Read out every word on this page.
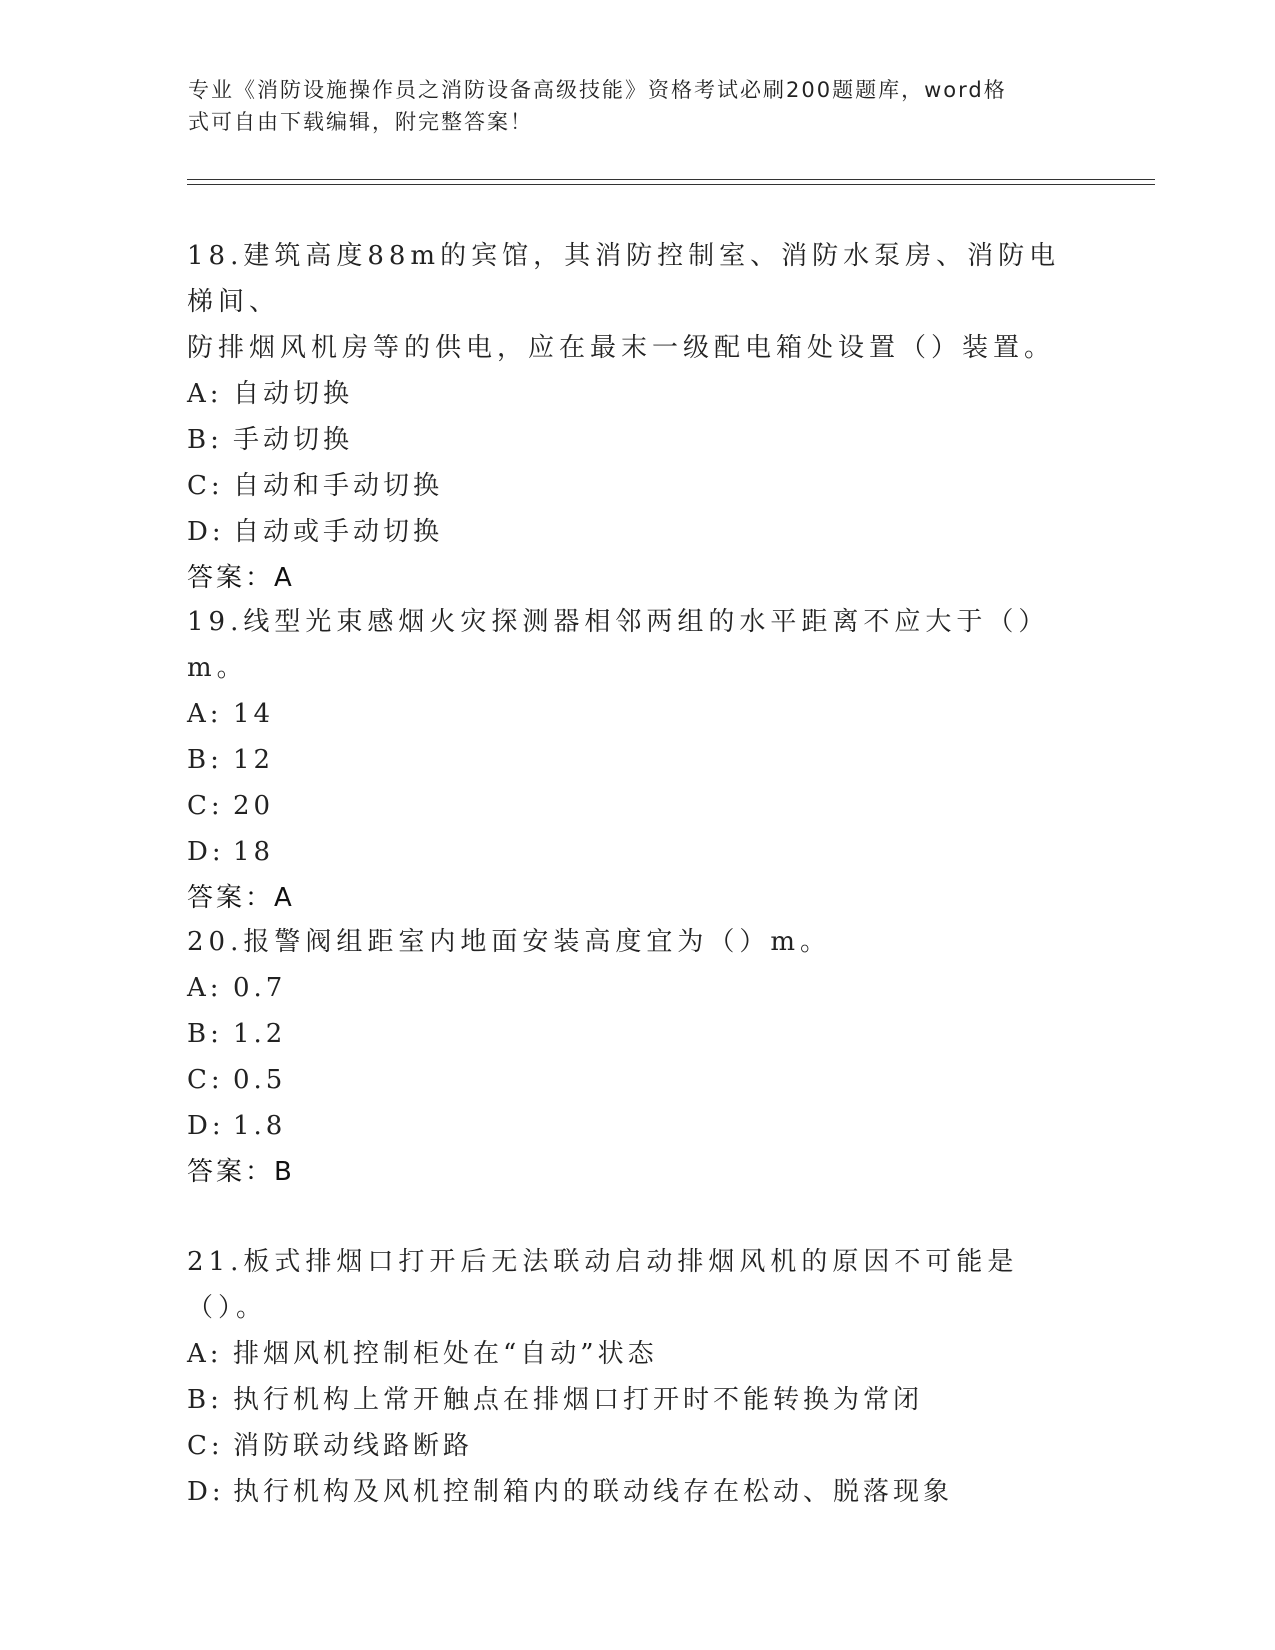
专业《消防设施操作员之消防设备高级技能》资格考试必刷200题题库，word格
式可自由下载编辑，附完整答案！
18.建筑高度88m的宾馆，其消防控制室、消防水泵房、消防电梯间、
防排烟风机房等的供电，应在最末一级配电箱处设置（）装置。
A: 自动切换
B: 手动切换
C: 自动和手动切换
D: 自动或手动切换
答案：A
19.线型光束感烟火灾探测器相邻两组的水平距离不应大于（）m。
A: 14
B: 12
C: 20
D: 18
答案：A
20.报警阀组距室内地面安装高度宜为（）m。
A: 0.7
B: 1.2
C: 0.5
D: 1.8
答案：B
21.板式排烟口打开后无法联动启动排烟风机的原因不可能是（）。
A: 排烟风机控制柜处在“自动”状态
B: 执行机构上常开触点在排烟口打开时不能转换为常闭
C: 消防联动线路断路
D: 执行机构及风机控制箱内的联动线存在松动、脱落现象
